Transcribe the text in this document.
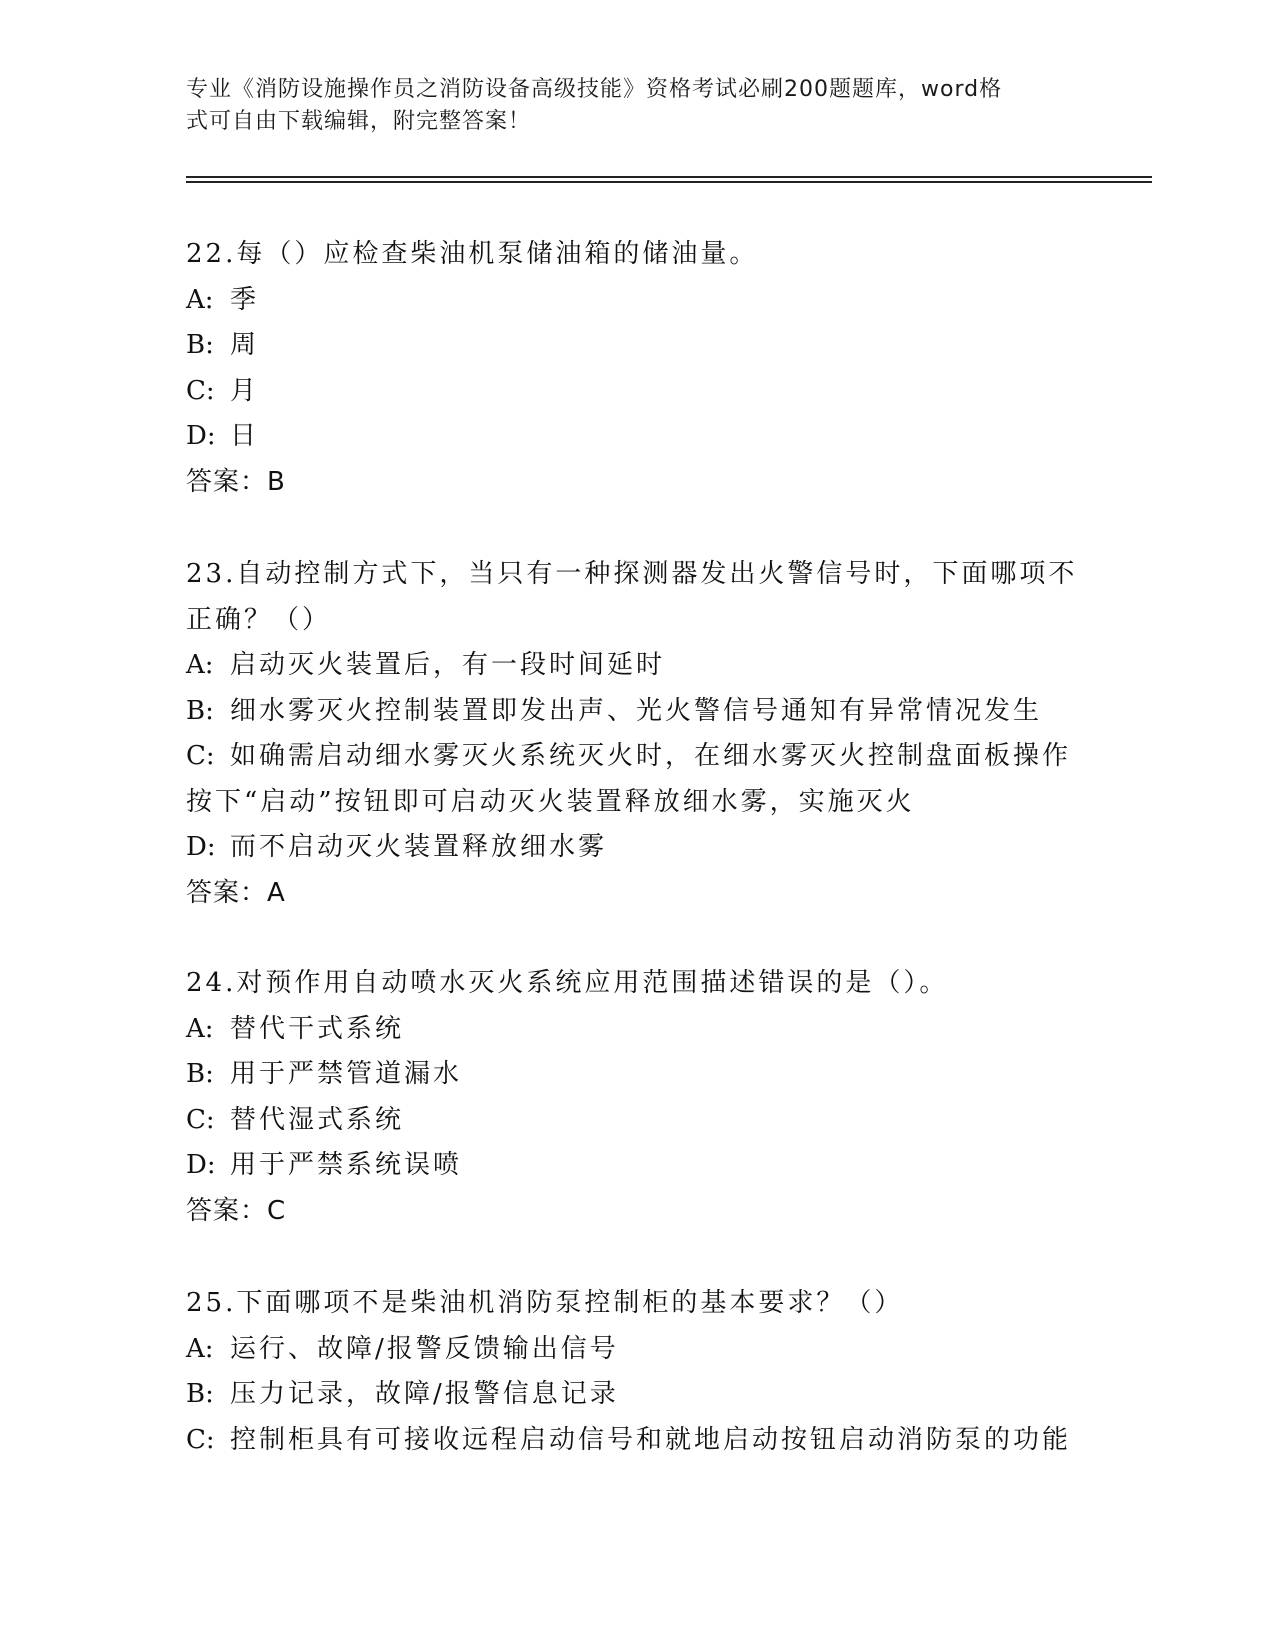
专业《消防设施操作员之消防设备高级技能》资格考试必刷200题题库，word格
式可自由下载编辑，附完整答案！
22.每（）应检查柴油机泵储油箱的储油量。
A: 季
B: 周
C: 月
D: 日
答案：B
23.自动控制方式下，当只有一种探测器发出火警信号时，下面哪项不
正确？（）
A: 启动灭火装置后，有一段时间延时
B: 细水雾灭火控制装置即发出声、光火警信号通知有异常情况发生
C: 如确需启动细水雾灭火系统灭火时，在细水雾灭火控制盘面板操作
按下“启动”按钮即可启动灭火装置释放细水雾，实施灭火
D: 而不启动灭火装置释放细水雾
答案：A
24.对预作用自动喷水灭火系统应用范围描述错误的是（）。
A: 替代干式系统
B: 用于严禁管道漏水
C: 替代湿式系统
D: 用于严禁系统误喷
答案：C
25.下面哪项不是柴油机消防泵控制柜的基本要求？（）
A: 运行、故障/报警反馈输出信号
B: 压力记录，故障/报警信息记录
C: 控制柜具有可接收远程启动信号和就地启动按钮启动消防泵的功能
